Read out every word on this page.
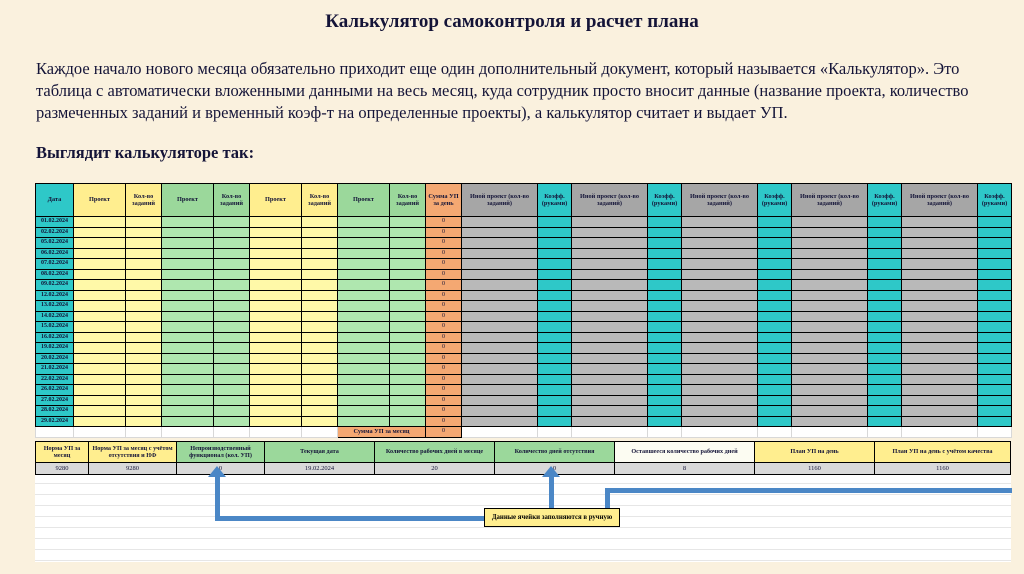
Калькулятор самоконтроля и расчет плана
Каждое начало нового месяца обязательно приходит еще один дополнительный документ, который называется «Калькулятор». Это таблица с автоматически вложенными данными на весь месяц, куда сотрудник просто вносит данные (название проекта, количество размеченных заданий и временный коэф-т на определенные проекты), а калькулятор считает и выдает УП.
Выглядит калькуляторе так:
Дата	Проект	Кол-во заданий	Проект	Кол-во заданий	Проект	Кол-во заданий	Проект	Кол-во заданий	Сумма УП за день	Иной проект (кол-во заданий)	Коэфф. (руками)	Иной проект (кол-во заданий)	Коэфф. (руками)	Иной проект (кол-во заданий)	Коэфф. (руками)	Иной проект (кол-во заданий)	Коэфф. (руками)	Иной проект (кол-во заданий)	Коэфф. (руками)
01.02.2024									0										
02.02.2024									0										
05.02.2024									0										
06.02.2024									0										
07.02.2024									0										
08.02.2024									0										
09.02.2024									0										
12.02.2024									0										
13.02.2024									0										
14.02.2024									0										
15.02.2024									0										
16.02.2024									0										
19.02.2024									0										
20.02.2024									0										
21.02.2024									0										
22.02.2024									0										
26.02.2024									0										
27.02.2024									0										
28.02.2024									0										
29.02.2024									0										
							Сумма УП за месяц		0										
Норма УП за месяц	Норма УП за месяц с учётом отсутствия и НФ	Непроизводственный функционал (кол. УП)	Текущая дата	Количество рабочих дней в месяце	Количество дней отсутствия	Оставшееся количество рабочих дней	План УП на день	План УП на день с учётом качества
9280	9280	0	19.02.2024	20	0	8	1160	1160
Данные ячейки заполняются в ручную
